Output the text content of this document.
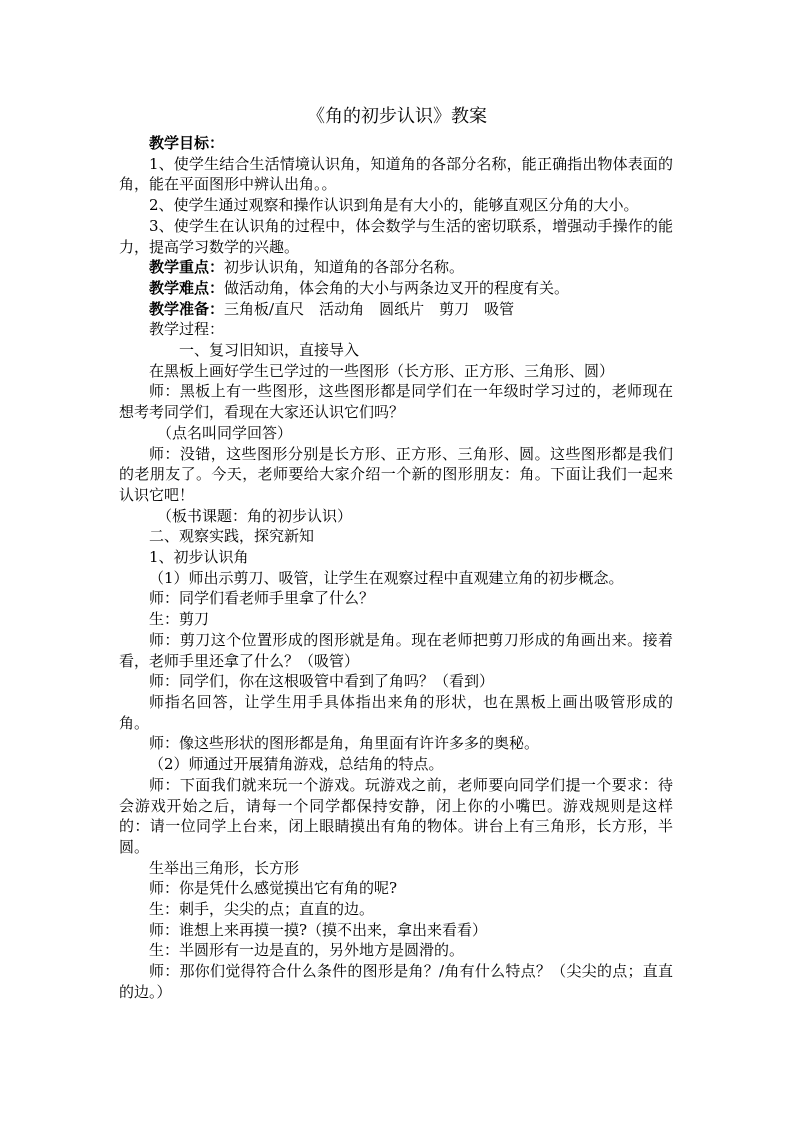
《角的初步认识》教案

教学目标：

1、使学生结合生活情境认识角，知道角的各部分名称，能正确指出物体表面的角，能在平面图形中辨认出角。。

2、使学生通过观察和操作认识到角是有大小的，能够直观区分角的大小。

3、使学生在认识角的过程中，体会数学与生活的密切联系，增强动手操作的能力，提高学习数学的兴趣。

教学重点：初步认识角，知道角的各部分名称。

教学难点：做活动角，体会角的大小与两条边叉开的程度有关。

教学准备：三角板/直尺　活动角　圆纸片　剪刀　吸管

教学过程：

一、复习旧知识，直接导入

在黑板上画好学生已学过的一些图形（长方形、正方形、三角形、圆）

师：黑板上有一些图形，这些图形都是同学们在一年级时学习过的，老师现在想考考同学们，看现在大家还认识它们吗？

（点名叫同学回答）

师：没错，这些图形分别是长方形、正方形、三角形、圆。这些图形都是我们的老朋友了。今天，老师要给大家介绍一个新的图形朋友：角。下面让我们一起来认识它吧！

（板书课题：角的初步认识）

二、观察实践，探究新知

1、初步认识角

（1）师出示剪刀、吸管，让学生在观察过程中直观建立角的初步概念。

师：同学们看老师手里拿了什么？

生：剪刀

师：剪刀这个位置形成的图形就是角。现在老师把剪刀形成的角画出来。接着看，老师手里还拿了什么？（吸管）

师：同学们，你在这根吸管中看到了角吗？（看到）

师指名回答，让学生用手具体指出来角的形状，也在黑板上画出吸管形成的角。

师：像这些形状的图形都是角，角里面有许许多多的奥秘。

（2）师通过开展猜角游戏，总结角的特点。

师：下面我们就来玩一个游戏。玩游戏之前，老师要向同学们提一个要求：待会游戏开始之后，请每一个同学都保持安静，闭上你的小嘴巴。游戏规则是这样的：请一位同学上台来，闭上眼睛摸出有角的物体。讲台上有三角形，长方形，半圆。

生举出三角形，长方形

师：你是凭什么感觉摸出它有角的呢?

生：刺手，尖尖的点；直直的边。

师：谁想上来再摸一摸?（摸不出来，拿出来看看）

生：半圆形有一边是直的，另外地方是圆滑的。

师：那你们觉得符合什么条件的图形是角？/角有什么特点？（尖尖的点；直直的边。）
